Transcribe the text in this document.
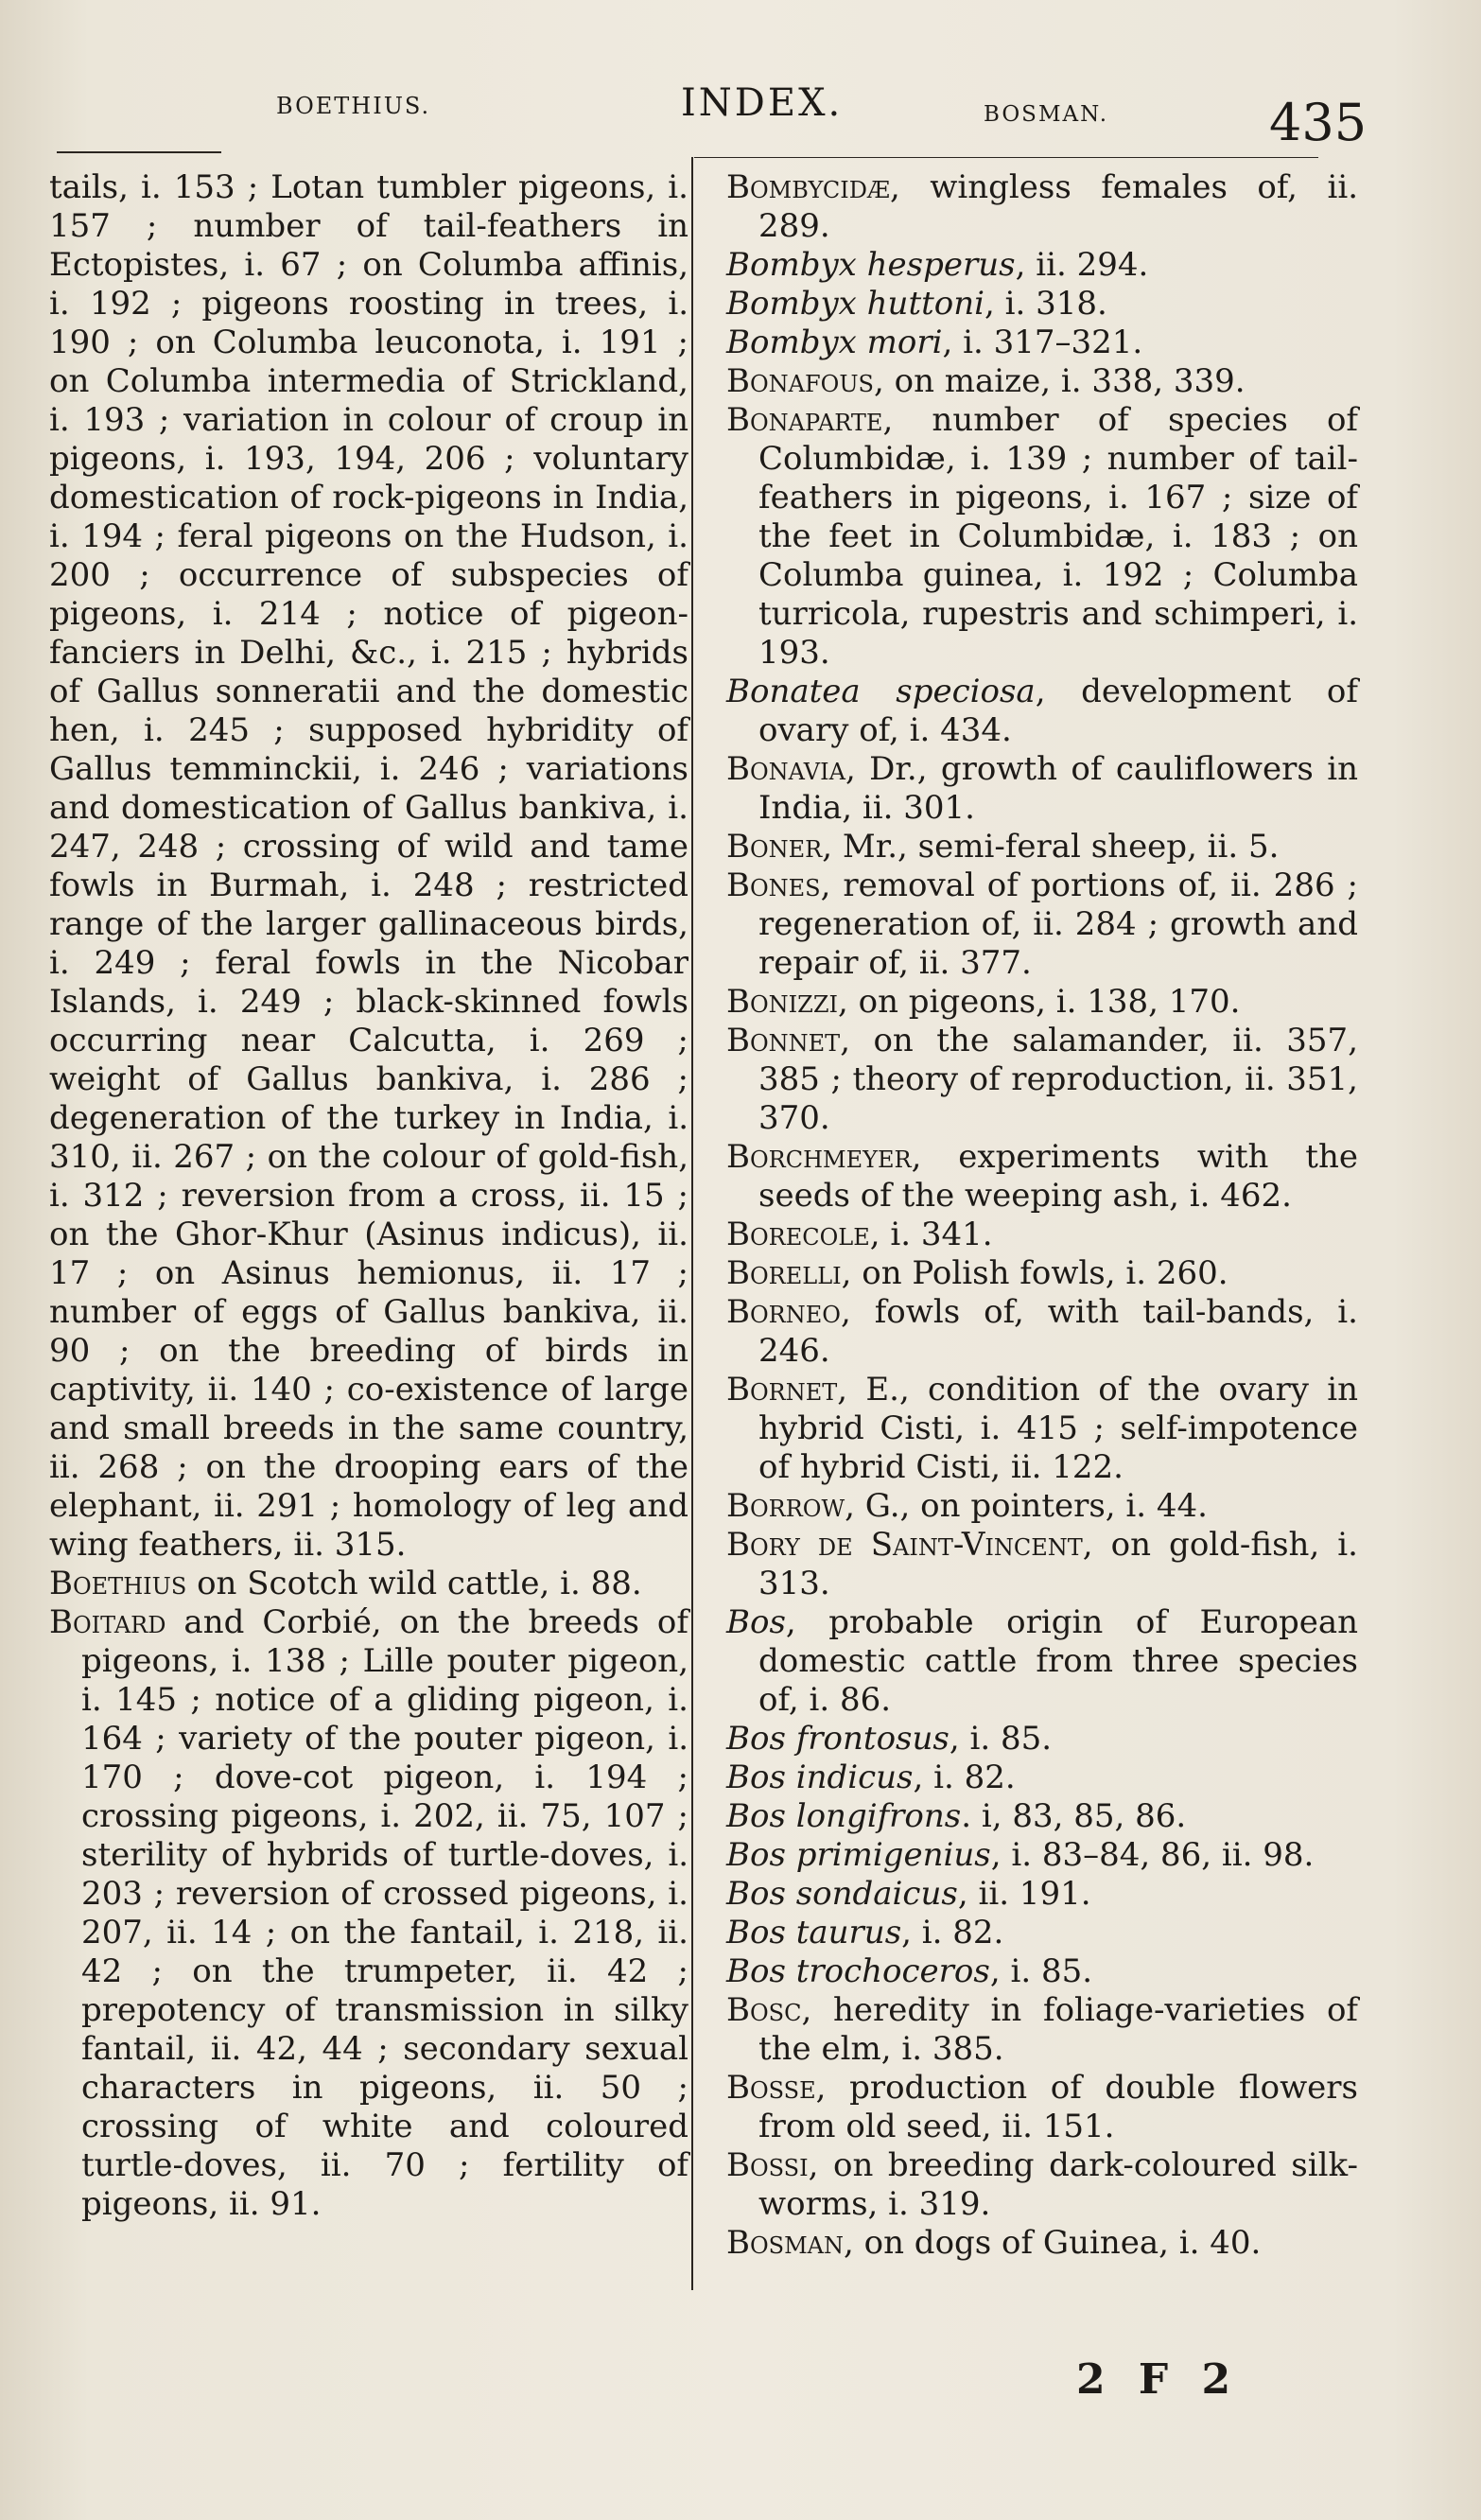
BOETHIUS.	INDEX.	BOSMAN.	435
tails, i. 153 ; Lotan tumbler pigeons, i. 157 ; number of tail-feathers in Ectopistes, i. 67 ; on Columba affinis, i. 192 ; pigeons roosting in trees, i. 190 ; on Columba leuconota, i. 191 ; on Columba intermedia of Strickland, i. 193 ; variation in colour of croup in pigeons, i. 193, 194, 206 ; voluntary domestication of rock-pigeons in India, i. 194 ; feral pigeons on the Hudson, i. 200 ; occurrence of subspecies of pigeons, i. 214 ; notice of pigeon-fanciers in Delhi, &c., i. 215 ; hybrids of Gallus sonneratii and the domestic hen, i. 245 ; supposed hybridity of Gallus temminckii, i. 246 ; variations and domestication of Gallus bankiva, i. 247, 248 ; crossing of wild and tame fowls in Burmah, i. 248 ; restricted range of the larger gallinaceous birds, i. 249 ; feral fowls in the Nicobar Islands, i. 249 ; black-skinned fowls occurring near Calcutta, i. 269 ; weight of Gallus bankiva, i. 286 ; degeneration of the turkey in India, i. 310, ii. 267 ; on the colour of gold-fish, i. 312 ; reversion from a cross, ii. 15 ; on the Ghor-Khur (Asinus indicus), ii. 17 ; on Asinus hemionus, ii. 17 ; number of eggs of Gallus bankiva, ii. 90 ; on the breeding of birds in captivity, ii. 140 ; co-existence of large and small breeds in the same country, ii. 268 ; on the drooping ears of the elephant, ii. 291 ; homology of leg and wing feathers, ii. 315.
Boethius on Scotch wild cattle, i. 88.
Boitard and Corbié, on the breeds of pigeons, i. 138 ; Lille pouter pigeon, i. 145 ; notice of a gliding pigeon, i. 164 ; variety of the pouter pigeon, i. 170 ; dove-cot pigeon, i. 194 ; crossing pigeons, i. 202, ii. 75, 107 ; sterility of hybrids of turtle-doves, i. 203 ; reversion of crossed pigeons, i. 207, ii. 14 ; on the fantail, i. 218, ii. 42 ; on the trumpeter, ii. 42 ; prepotency of transmission in silky fantail, ii. 42, 44 ; secondary sexual characters in pigeons, ii. 50 ; crossing of white and coloured turtle-doves, ii. 70 ; fertility of pigeons, ii. 91.
Bombycidæ, wingless females of, ii. 289.
Bombyx hesperus, ii. 294.
Bombyx huttoni, i. 318.
Bombyx mori, i. 317–321.
Bonafous, on maize, i. 338, 339.
Bonaparte, number of species of Columbidæ, i. 139 ; number of tail-feathers in pigeons, i. 167 ; size of the feet in Columbidæ, i. 183 ; on Columba guinea, i. 192 ; Columba turricola, rupestris and schimperi, i. 193.
Bonatea speciosa, development of ovary of, i. 434.
Bonavia, Dr., growth of cauliflowers in India, ii. 301.
Boner, Mr., semi-feral sheep, ii. 5.
Bones, removal of portions of, ii. 286 ; regeneration of, ii. 284 ; growth and repair of, ii. 377.
Bonizzi, on pigeons, i. 138, 170.
Bonnet, on the salamander, ii. 357, 385 ; theory of reproduction, ii. 351, 370.
Borchmeyer, experiments with the seeds of the weeping ash, i. 462.
Borecole, i. 341.
Borelli, on Polish fowls, i. 260.
Borneo, fowls of, with tail-bands, i. 246.
Bornet, E., condition of the ovary in hybrid Cisti, i. 415 ; self-impotence of hybrid Cisti, ii. 122.
Borrow, G., on pointers, i. 44.
Bory de Saint-Vincent, on gold-fish, i. 313.
Bos, probable origin of European domestic cattle from three species of, i. 86.
Bos frontosus, i. 85.
Bos indicus, i. 82.
Bos longifrons. i, 83, 85, 86.
Bos primigenius, i. 83–84, 86, ii. 98.
Bos sondaicus, ii. 191.
Bos taurus, i. 82.
Bos trochoceros, i. 85.
Bosc, heredity in foliage-varieties of the elm, i. 385.
Bosse, production of double flowers from old seed, ii. 151.
Bossi, on breeding dark-coloured silk-worms, i. 319.
Bosman, on dogs of Guinea, i. 40.
2 F 2
